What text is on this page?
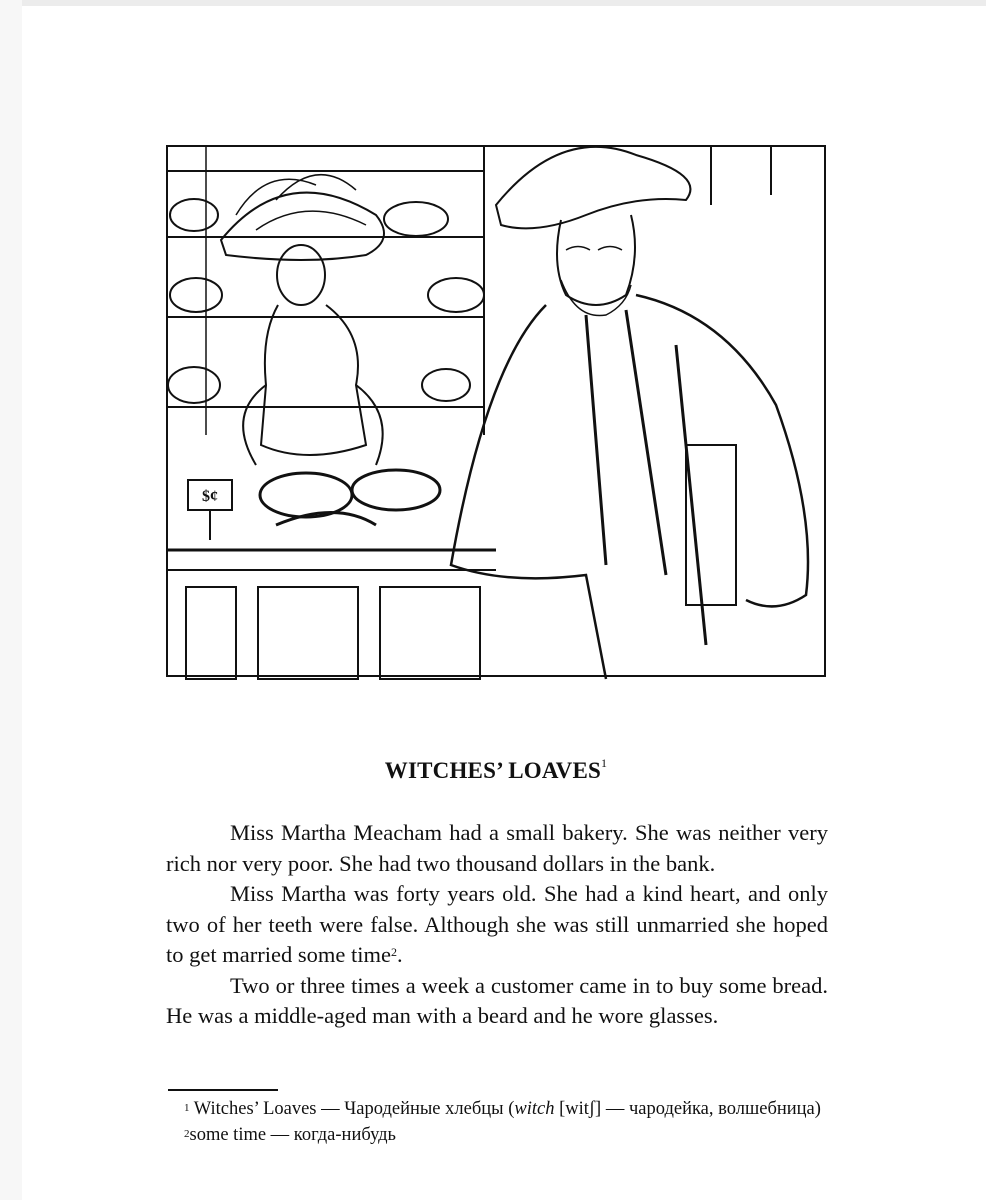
$¢
WITCHES’ LOAVES$^1$

Miss Martha Meacham had a small bakery. She was neither very rich nor very poor. She had two thousand dollars in the bank.

Miss Martha was forty years old. She had a kind heart, and only two of her teeth were false. Although she was still unmarried she hoped to get married some time$^2$.

Two or three times a week a customer came in to buy some bread. He was a middle-aged man with a beard and he wore glasses.

$^1$ Witches’ Loaves — Чародейные хлебцы (witch [witʃ] — чародейка, волшебница)

$^2$some time — когда-нибудь
